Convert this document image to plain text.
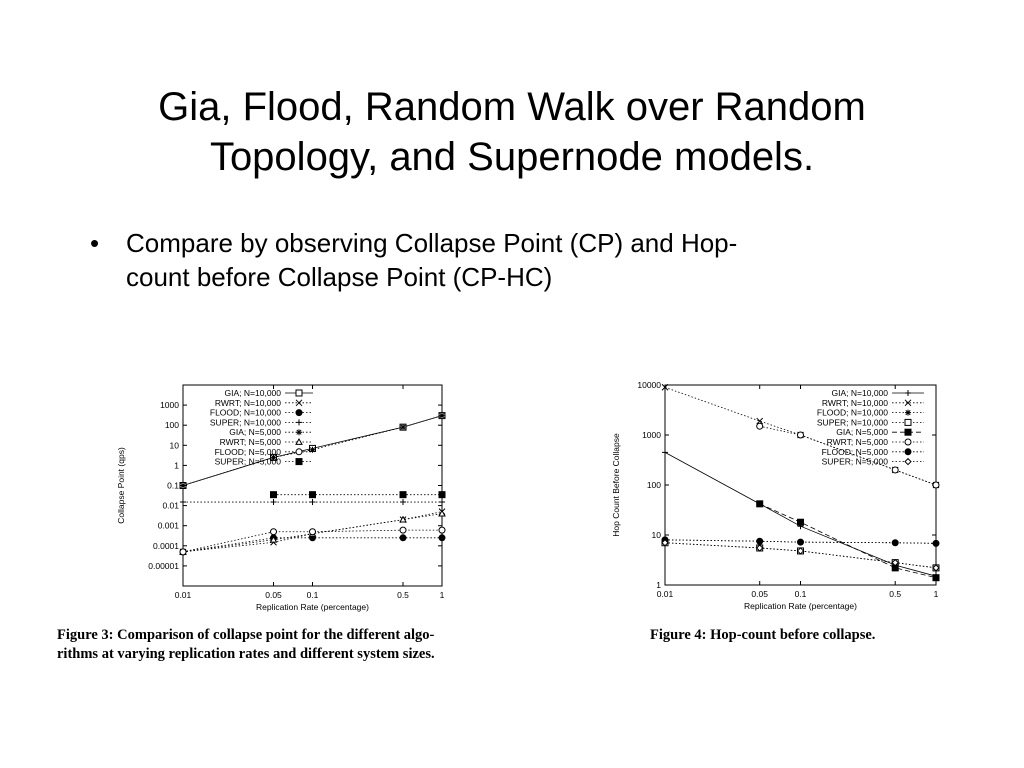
Gia, Flood, Random Walk over Random
Topology, and Supernode models.
• Compare by observing Collapse Point (CP) and Hop-
count before Collapse Point (CP-HC)
0.01	0.05	0.1	0.5	1
0.00001
0.0001
0.001
0.01
0.1
1
10
100
1000
Replication Rate (percentage)
Collapse Point (qps)
GIA; N=10,000
RWRT; N=10,000
FLOOD; N=10,000
SUPER; N=10,000
GIA; N=5,000
RWRT; N=5,000
FLOOD; N=5,000
SUPER; N=5,000
Figure 3: Comparison of collapse point for the different algo-
rithms at varying replication rates and different system sizes.
0.01	0.05	0.1	0.5	1
1
10
100
1000
10000
Replication Rate (percentage)
Hop Count Before Collapse
GIA; N=10,000
RWRT; N=10,000
FLOOD; N=10,000
SUPER; N=10,000
GIA; N=5,000
RWRT; N=5,000
FLOOD; N=5,000
SUPER; N=5,000
Figure 4: Hop-count before collapse.
